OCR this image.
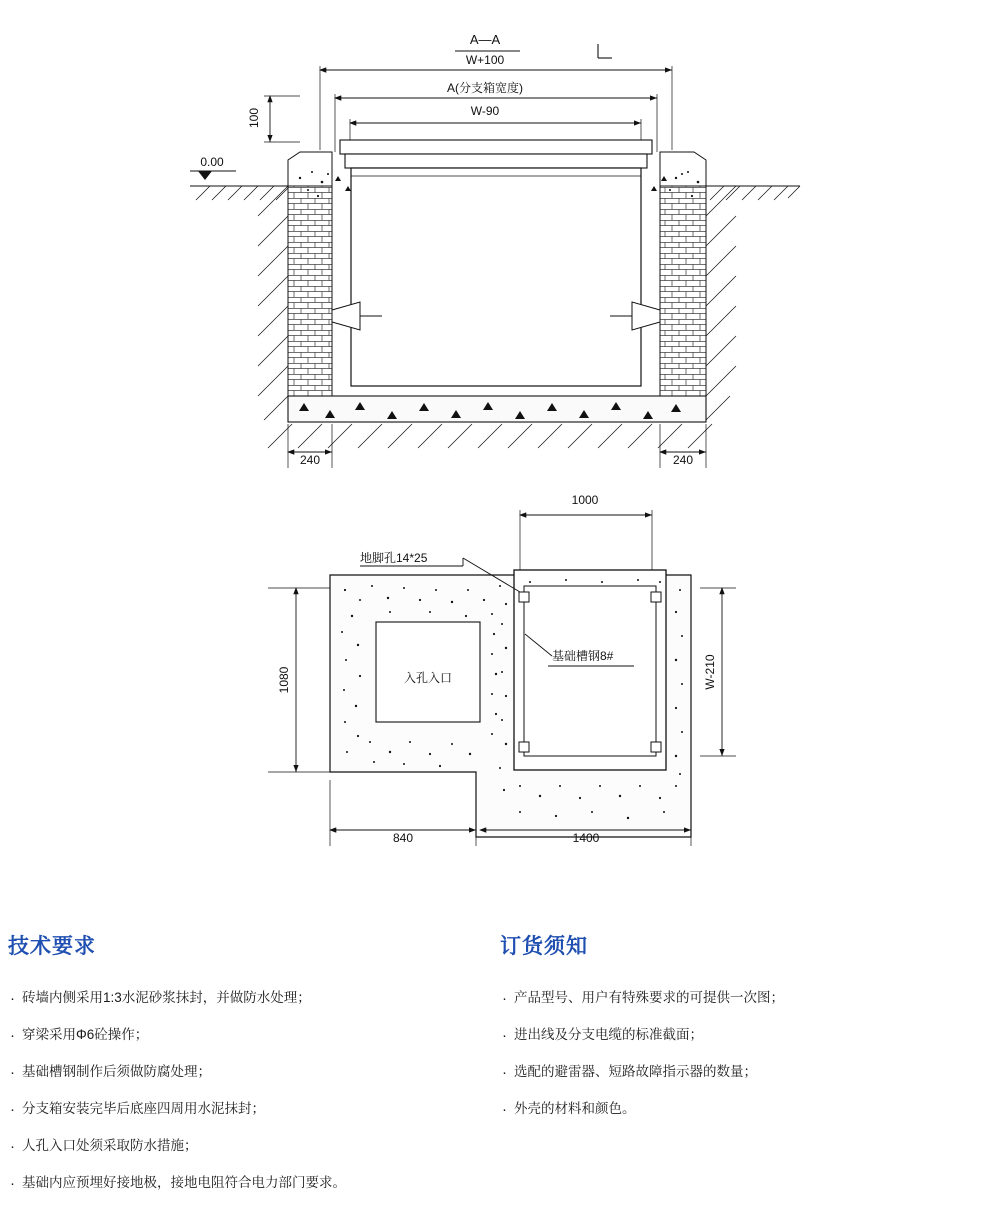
A—A
W+100
A(分支箱宽度)
W-90
100
0.00
240	240
1000
入孔入口
地脚孔14*25
基础槽钢8#
1080	W-210
840	1400
技术要求
· 砖墙内侧采用1:3水泥砂浆抹封，并做防水处理；
· 穿梁采用Φ6砼操作；
· 基础槽钢制作后须做防腐处理；
· 分支箱安装完毕后底座四周用水泥抹封；
· 人孔入口处须采取防水措施；
· 基础内应预埋好接地极，接地电阻符合电力部门要求。
订货须知
· 产品型号、用户有特殊要求的可提供一次图；
· 进出线及分支电缆的标准截面；
· 选配的避雷器、短路故障指示器的数量；
· 外壳的材料和颜色。
